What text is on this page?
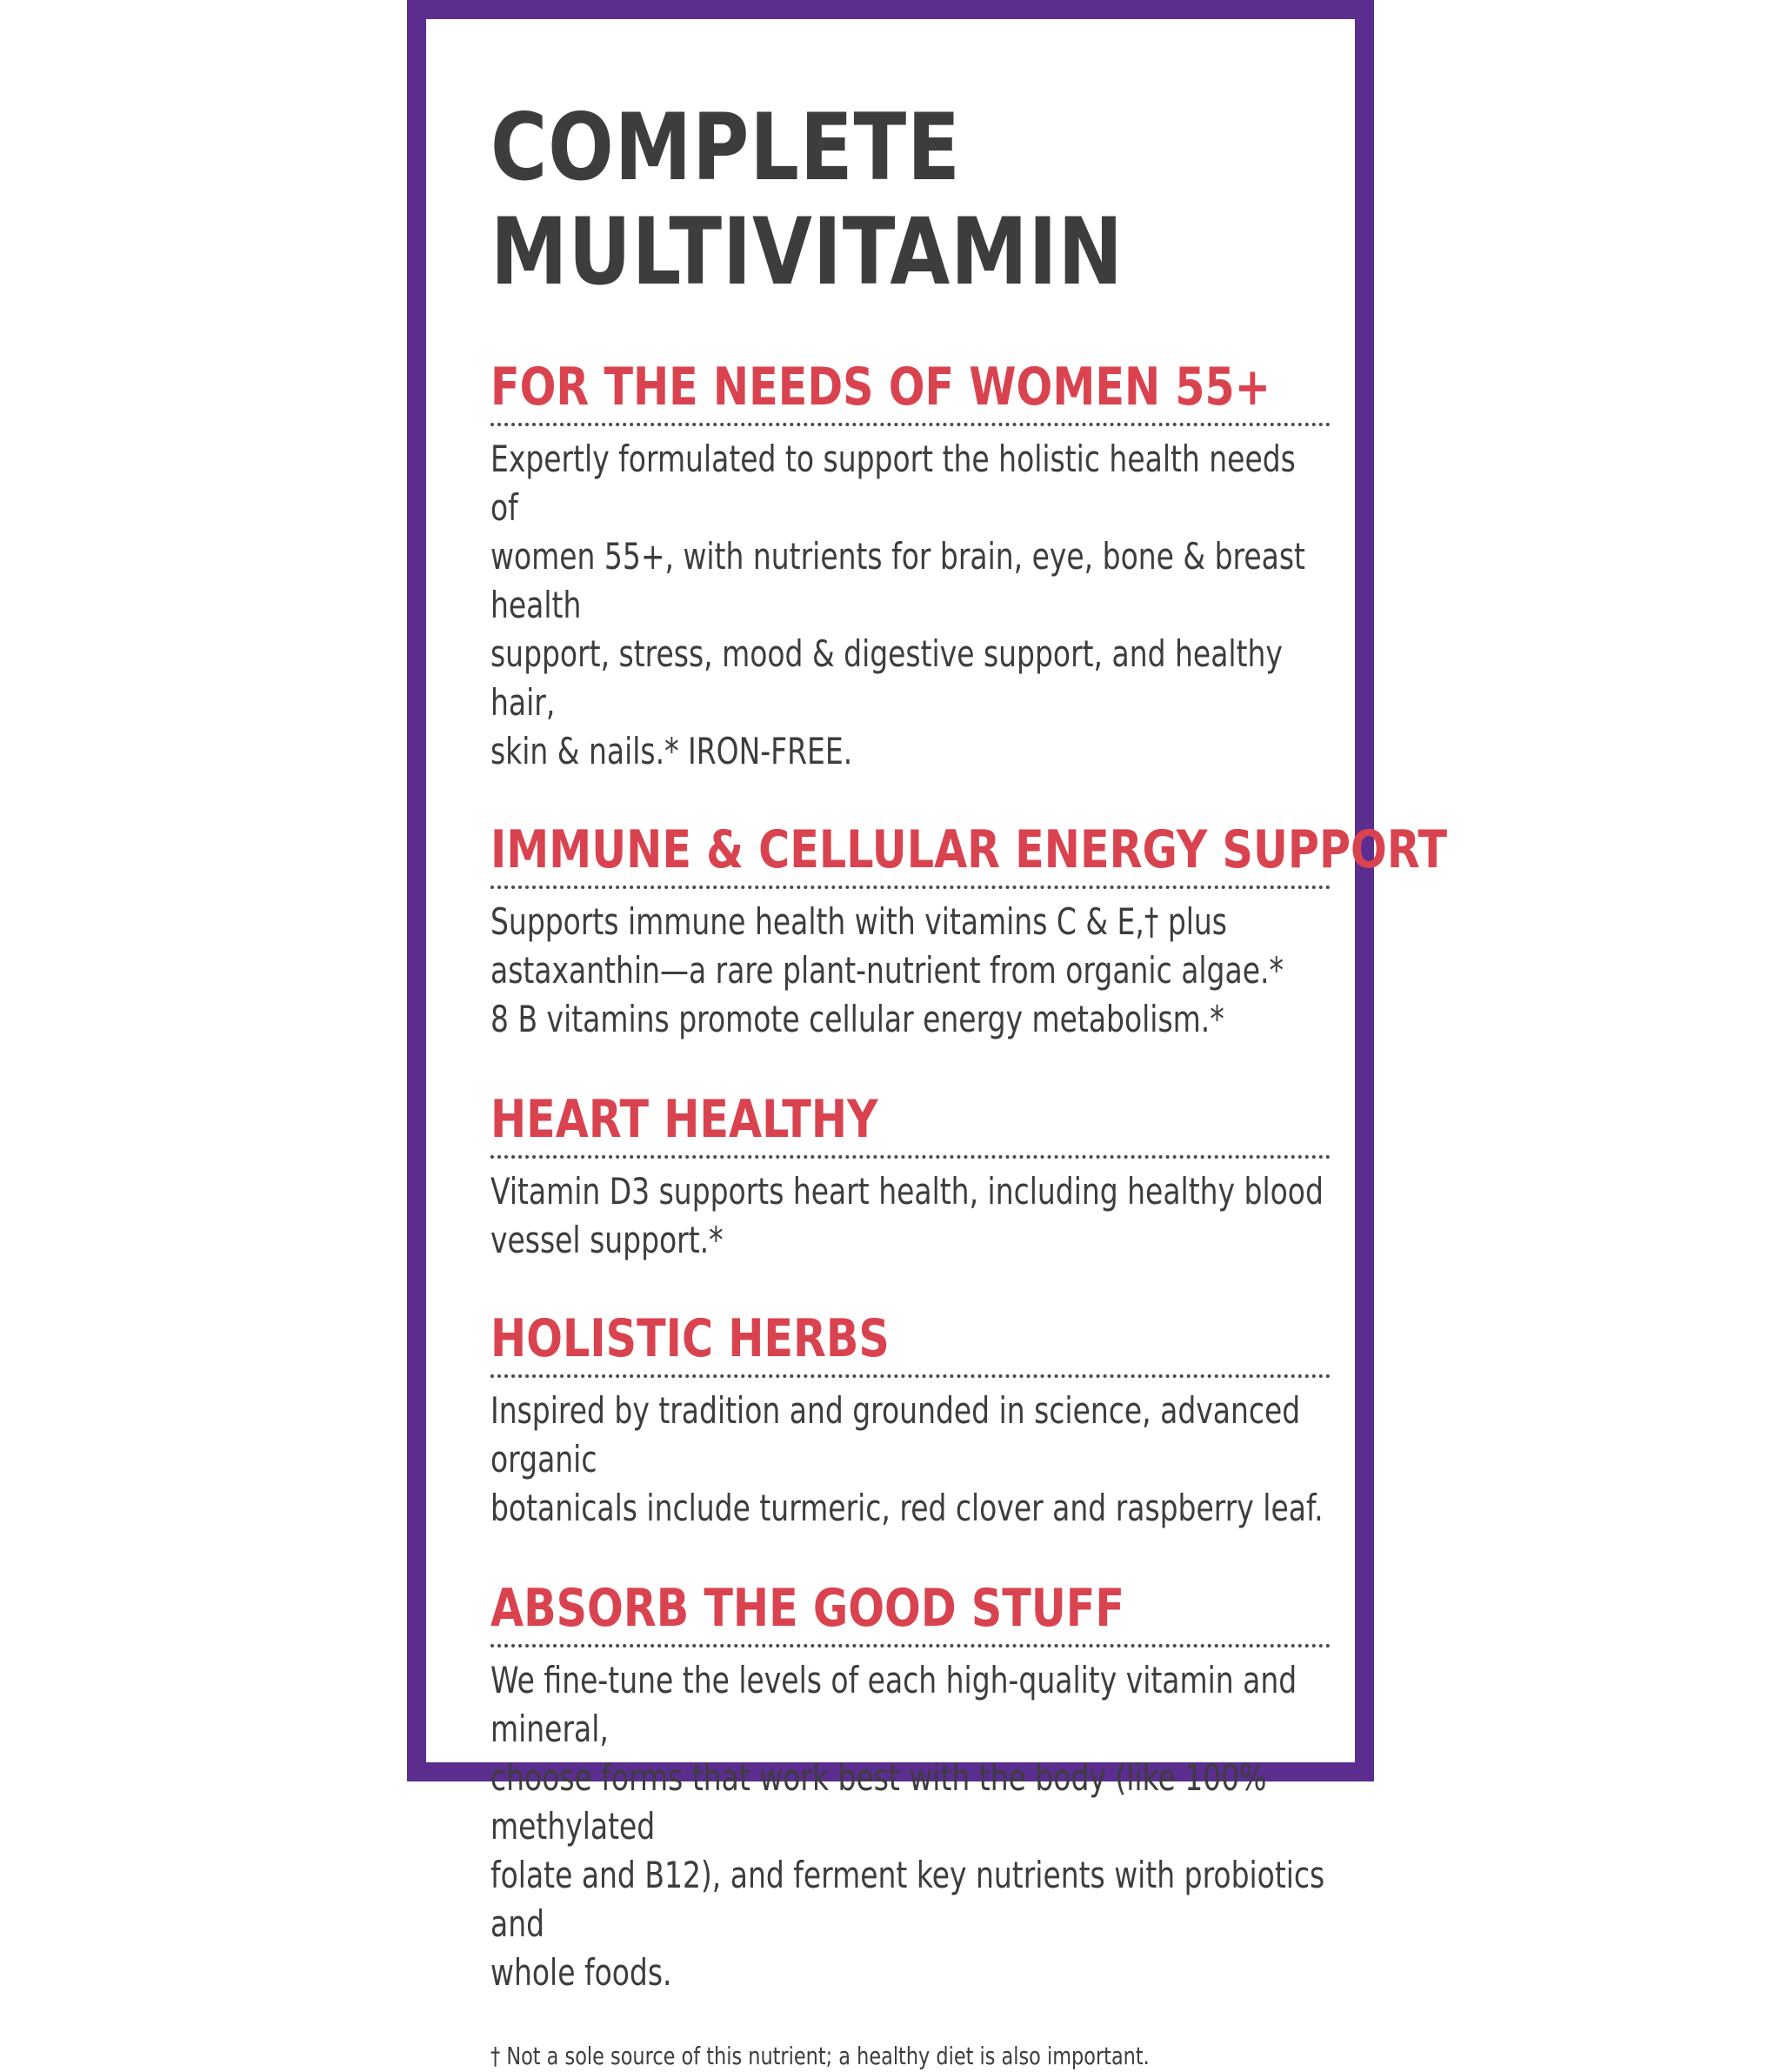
COMPLETE
MULTIVITAMIN
FOR THE NEEDS OF WOMEN 55+

Expertly formulated to support the holistic health needs of
women 55+, with nutrients for brain, eye, bone & breast health
support, stress, mood & digestive support, and healthy hair,
skin & nails.* IRON-FREE.

IMMUNE & CELLULAR ENERGY SUPPORT

Supports immune health with vitamins C & E,† plus
astaxanthin—a rare plant-nutrient from organic algae.*
8 B vitamins promote cellular energy metabolism.*

HEART HEALTHY

Vitamin D3 supports heart health, including healthy blood
vessel support.*

HOLISTIC HERBS

Inspired by tradition and grounded in science, advanced organic
botanicals include turmeric, red clover and raspberry leaf.

ABSORB THE GOOD STUFF

We fine-tune the levels of each high-quality vitamin and mineral,
choose forms that work best with the body (like 100% methylated
folate and B12), and ferment key nutrients with probiotics and
whole foods.

† Not a sole source of this nutrient; a healthy diet is also important.
